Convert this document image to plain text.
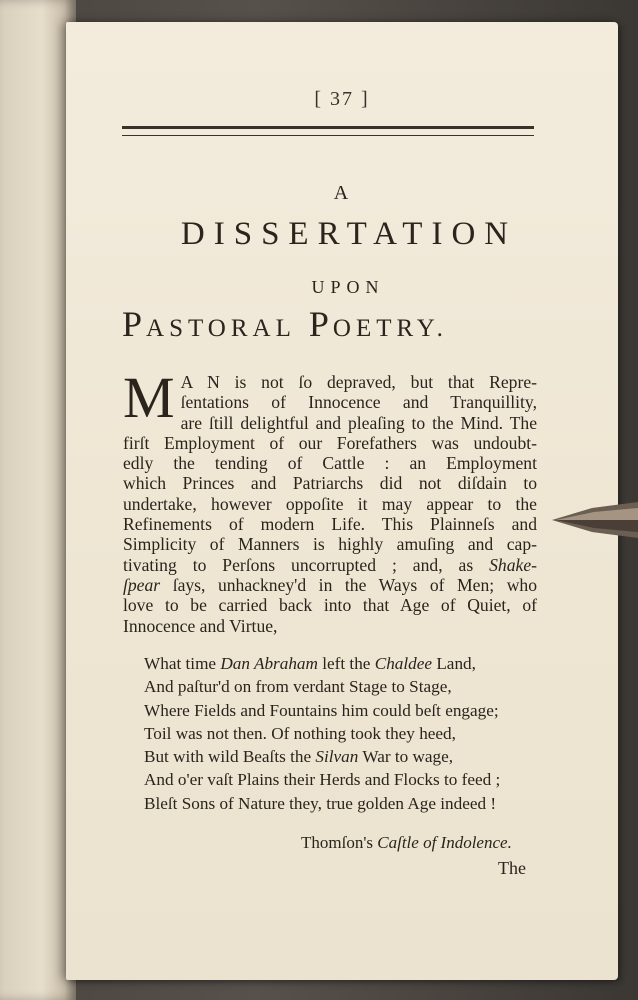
[ 37 ]
A
DISSERTATION
UPON
PASTORAL POETRY.
M A N is not ſo depraved, but that Repre-
ſentations of Innocence and Tranquillity,
are ſtill delightful and pleaſing to the Mind. The
firſt Employment of our Forefathers was undoubt-
edly the tending of Cattle : an Employment
which Princes and Patriarchs did not diſdain to
undertake, however oppoſite it may appear to the
Refinements of modern Life. This Plainneſs and
Simplicity of Manners is highly amuſing and cap-
tivating to Perſons uncorrupted ; and, as Shake-
ſpear ſays, unhackney'd in the Ways of Men; who
love to be carried back into that Age of Quiet, of
Innocence and Virtue,
What time Dan Abraham left the Chaldee Land,
And paſtur'd on from verdant Stage to Stage,
Where Fields and Fountains him could beſt engage;
Toil was not then. Of nothing took they heed,
But with wild Beaſts the Silvan War to wage,
And o'er vaſt Plains their Herds and Flocks to feed ;
Bleſt Sons of Nature they, true golden Age indeed !
Thomſon's Caſtle of Indolence.
The
